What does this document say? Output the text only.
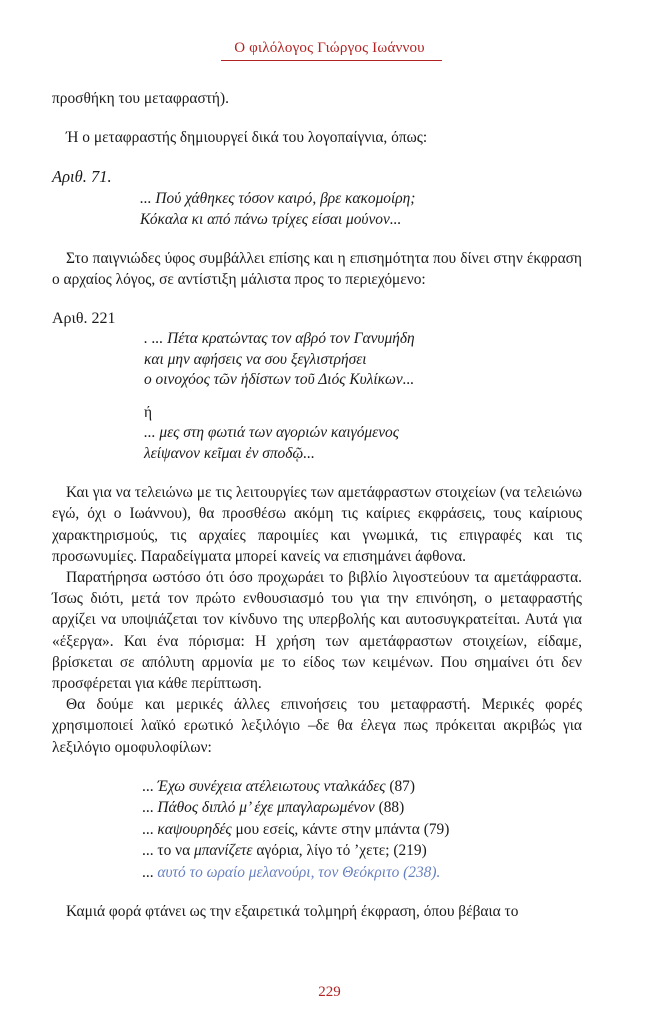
Ο φιλόλογος Γιώργος Ιωάννου

προσθήκη του μεταφραστή).

Ή ο μεταφραστής δημιουργεί δικά του λογοπαίγνια, όπως:

Αριθ. 71.

... Πού χάθηκες τόσον καιρό, βρε κακομοίρη;
Κόκαλα κι από πάνω τρίχες είσαι μούνον...

Στο παιγνιώδες ύφος συμβάλλει επίσης και η επισημότητα που δίνει στην έκφραση ο αρχαίος λόγος, σε αντίστιξη μάλιστα προς το περιεχόμενο:

Αριθ. 221

. ... Πέτα κρατώντας τον αβρό τον Γανυμήδη
και μην αφήσεις να σου ξεγλιστρήσει
ο οινοχόος τῶν ἡδίστων τοῦ Διός Κυλίκων...
ή
... μες στη φωτιά των αγοριών καιγόμενος
λείψανον κεῖμαι ἐν σποδῷ...

Και για να τελειώνω με τις λειτουργίες των αμετάφραστων στοιχείων (να τελειώνω εγώ, όχι ο Ιωάννου), θα προσθέσω ακόμη τις καίριες εκφράσεις, τους καίριους χαρακτηρισμούς, τις αρχαίες παροιμίες και γνωμικά, τις επιγραφές και τις προσωνυμίες. Παραδείγματα μπορεί κανείς να επισημάνει άφθονα.

Παρατήρησα ωστόσο ότι όσο προχωράει το βιβλίο λιγοστεύουν τα αμετάφραστα. Ίσως διότι, μετά τον πρώτο ενθουσιασμό του για την επινόηση, ο μεταφραστής αρχίζει να υποψιάζεται τον κίνδυνο της υπερβολής και αυτοσυγκρατείται. Αυτά για «έξεργα». Και ένα πόρισμα: Η χρήση των αμετάφραστων στοιχείων, είδαμε, βρίσκεται σε απόλυτη αρμονία με το είδος των κειμένων. Που σημαίνει ότι δεν προσφέρεται για κάθε περίπτωση.

Θα δούμε και μερικές άλλες επινοήσεις του μεταφραστή. Μερικές φορές χρησιμοποιεί λαϊκό ερωτικό λεξιλόγιο –δε θα έλεγα πως πρόκειται ακριβώς για λεξιλόγιο ομοφυλοφίλων:

... Έχω συνέχεια ατέλειωτους νταλκάδες (87)
... Πάθος διπλό μ’ έχε μπαγλαρωμένον (88)
... καψουρηδές μου εσείς, κάντε στην μπάντα (79)
... το να μπανίζετε αγόρια, λίγο τό ’χετε; (219)
... αυτό το ωραίο μελανούρι, τον Θεόκριτο (238).

Καμιά φορά φτάνει ως την εξαιρετικά τολμηρή έκφραση, όπου βέβαια το

229
